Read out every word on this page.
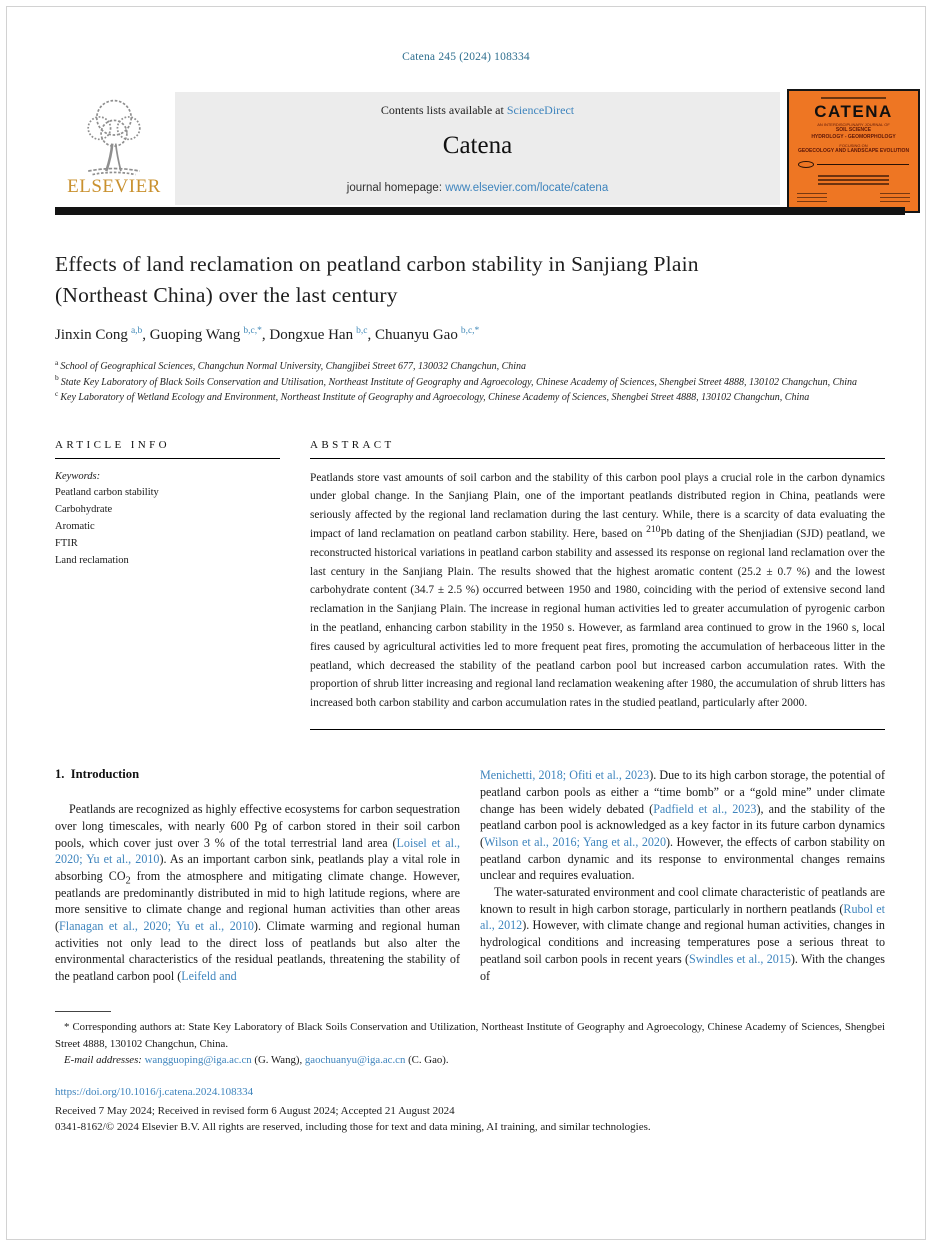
Catena 245 (2024) 108334
ELSEVIER
Contents lists available at ScienceDirect
Catena
journal homepage: www.elsevier.com/locate/catena
CATENA
AN INTERDISCIPLINARY JOURNAL OF
SOIL SCIENCE
HYDROLOGY - GEOMORPHOLOGY
FOCUSING ON
GEOECOLOGY AND LANDSCAPE EVOLUTION
Effects of land reclamation on peatland carbon stability in Sanjiang Plain (Northeast China) over the last century
Jinxin Cong $^{a,b}$, Guoping Wang $^{b,c,*}$, Dongxue Han $^{b,c}$, Chuanyu Gao $^{b,c,*}$
$^a$ School of Geographical Sciences, Changchun Normal University, Changjibei Street 677, 130032 Changchun, China
$^b$ State Key Laboratory of Black Soils Conservation and Utilisation, Northeast Institute of Geography and Agroecology, Chinese Academy of Sciences, Shengbei Street 4888, 130102 Changchun, China
$^c$ Key Laboratory of Wetland Ecology and Environment, Northeast Institute of Geography and Agroecology, Chinese Academy of Sciences, Shengbei Street 4888, 130102 Changchun, China
ARTICLE INFO
Keywords:
Peatland carbon stability
Carbohydrate
Aromatic
FTIR
Land reclamation
ABSTRACT
Peatlands store vast amounts of soil carbon and the stability of this carbon pool plays a crucial role in the carbon dynamics under global change. In the Sanjiang Plain, one of the important peatlands distributed region in China, peatlands were seriously affected by the regional land reclamation during the last century. While, there is a scarcity of data evaluating the impact of land reclamation on peatland carbon stability. Here, based on $^{210}$Pb dating of the Shenjiadian (SJD) peatland, we reconstructed historical variations in peatland carbon stability and assessed its response on regional land reclamation over the last century in the Sanjiang Plain. The results showed that the highest aromatic content (25.2 ± 0.7 %) and the lowest carbohydrate content (34.7 ± 2.5 %) occurred between 1950 and 1980, coinciding with the period of extensive second land reclamation in the Sanjiang Plain. The increase in regional human activities led to greater accumulation of pyrogenic carbon in the peatland, enhancing carbon stability in the 1950 s. However, as farmland area continued to grow in the 1960 s, local fires caused by agricultural activities led to more frequent peat fires, promoting the accumulation of herbaceous litter in the peatland, which decreased the stability of the peatland carbon pool but increased carbon accumulation rates. With the proportion of shrub litter increasing and regional land reclamation weakening after 1980, the accumulation of shrub litters has increased both carbon stability and carbon accumulation rates in the studied peatland, particularly after 2000.
1.  Introduction

Peatlands are recognized as highly effective ecosystems for carbon sequestration over long timescales, with nearly 600 Pg of carbon stored in their soil carbon pools, which cover just over 3 % of the total terrestrial land area (Loisel et al., 2020; Yu et al., 2010). As an important carbon sink, peatlands play a vital role in absorbing $CO_2$ from the atmosphere and mitigating climate change. However, peatlands are predominantly distributed in mid to high latitude regions, where are more sensitive to climate change and regional human activities than other areas (Flanagan et al., 2020; Yu et al., 2010). Climate warming and regional human activities not only lead to the direct loss of peatlands but also alter the environmental characteristics of the residual peatlands, threatening the stability of the peatland carbon pool (Leifeld and

Menichetti, 2018; Ofiti et al., 2023). Due to its high carbon storage, the potential of peatland carbon pools as either a “time bomb” or a “gold mine” under climate change has been widely debated (Padfield et al., 2023), and the stability of the peatland carbon pool is acknowledged as a key factor in its future carbon dynamics (Wilson et al., 2016; Yang et al., 2020). However, the effects of carbon stability on peatland carbon dynamic and its response to environmental changes remains unclear and requires evaluation.

The water-saturated environment and cool climate characteristic of peatlands are known to result in high carbon storage, particularly in northern peatlands (Rubol et al., 2012). However, with climate change and regional human activities, changes in hydrological conditions and increasing temperatures pose a serious threat to peatland soil carbon pools in recent years (Swindles et al., 2015). With the changes of

* Corresponding authors at: State Key Laboratory of Black Soils Conservation and Utilization, Northeast Institute of Geography and Agroecology, Chinese Academy of Sciences, Shengbei Street 4888, 130102 Changchun, China.
E-mail addresses: wangguoping@iga.ac.cn (G. Wang), gaochuanyu@iga.ac.cn (C. Gao).
https://doi.org/10.1016/j.catena.2024.108334
Received 7 May 2024; Received in revised form 6 August 2024; Accepted 21 August 2024
0341-8162/© 2024 Elsevier B.V. All rights are reserved, including those for text and data mining, AI training, and similar technologies.
